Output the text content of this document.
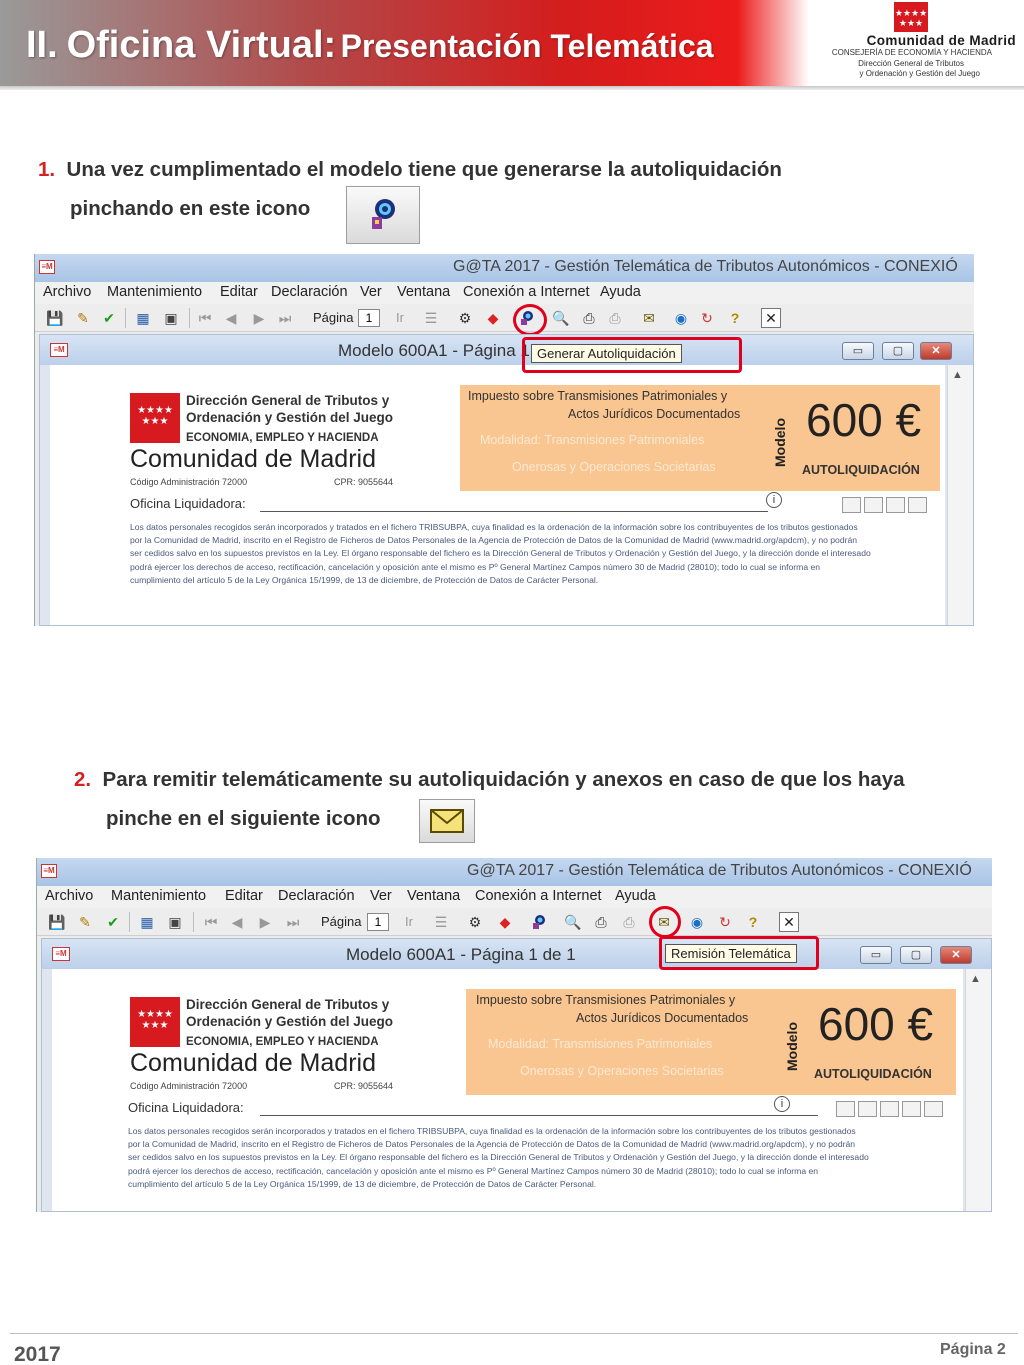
II. Oficina Virtual: Presentación Telemática
★★★★ ★★★
Comunidad de Madrid
CONSEJERÍA DE ECONOMÍA Y HACIENDA
Dirección General de Tributos
y Ordenación y Gestión del Juego
1. Una vez cumplimentado el modelo tiene que generarse la autoliquidación
pinchando en este icono
≡M	G@TA 2017 - Gestión Telemática de Tributos Autonómicos - CONEXIÓ
Archivo Mantenimiento Editar Declaración Ver Ventana Conexión a Internet Ayuda
💾 ✎ ✔ ▦ ▣ ⏮	◀	▶	⏭ Página	1	Ir ☰ ⚙	◆	🔍 ⎙	⎙	✉ ◉ ↻	?	✕
≡M	Modelo 600A1 - Página 1	▭	▢	✕
★★★★ ★★★
Dirección General de Tributos y
Ordenación y Gestión del Juego
ECONOMIA, EMPLEO Y HACIENDA
Comunidad de Madrid
Código Administración 72000	CPR: 9055644
Oficina Liquidadora:
Impuesto sobre Transmisiones Patrimoniales y
Actos Jurídicos Documentados
Modalidad: Transmisiones Patrimoniales
Onerosas y Operaciones Societarias	Modelo 600 €
AUTOLIQUIDACIÓN
i
Los datos personales recogidos serán incorporados y tratados en el fichero TRIBSUBPA, cuya finalidad es la ordenación de la información sobre los contribuyentes de los tributos gestionados
por la Comunidad de Madrid, inscrito en el Registro de Ficheros de Datos Personales de la Agencia de Protección de Datos de la Comunidad de Madrid (www.madrid.org/apdcm), y no podrán
ser cedidos salvo en los supuestos previstos en la Ley. El órgano responsable del fichero es la Dirección General de Tributos y Ordenación y Gestión del Juego, y la dirección donde el interesado
podrá ejercer los derechos de acceso, rectificación, cancelación y oposición ante el mismo es Pº General Martínez Campos número 30 de Madrid (28010); todo lo cual se informa en
cumplimiento del artículo 5 de la Ley Orgánica 15/1999, de 13 de diciembre, de Protección de Datos de Carácter Personal.
▲
Generar Autoliquidación
2. Para remitir telemáticamente su autoliquidación y anexos en caso de que los haya
pinche en el siguiente icono
≡M	G@TA 2017 - Gestión Telemática de Tributos Autonómicos - CONEXIÓ
Archivo Mantenimiento Editar Declaración Ver Ventana Conexión a Internet Ayuda
💾 ✎ ✔ ▦ ▣ ⏮	◀	▶	⏭ Página	1	Ir ☰ ⚙	◆	🔍 ⎙	⎙	✉ ◉ ↻	?	✕
≡M	Modelo 600A1 - Página 1 de 1	▭	▢	✕
★★★★ ★★★
Dirección General de Tributos y
Ordenación y Gestión del Juego
ECONOMIA, EMPLEO Y HACIENDA
Comunidad de Madrid
Código Administración 72000	CPR: 9055644
Oficina Liquidadora:
Impuesto sobre Transmisiones Patrimoniales y
Actos Jurídicos Documentados
Modalidad: Transmisiones Patrimoniales
Onerosas y Operaciones Societarias	Modelo 600 €
AUTOLIQUIDACIÓN
i
Los datos personales recogidos serán incorporados y tratados en el fichero TRIBSUBPA, cuya finalidad es la ordenación de la información sobre los contribuyentes de los tributos gestionados
por la Comunidad de Madrid, inscrito en el Registro de Ficheros de Datos Personales de la Agencia de Protección de Datos de la Comunidad de Madrid (www.madrid.org/apdcm), y no podrán
ser cedidos salvo en los supuestos previstos en la Ley. El órgano responsable del fichero es la Dirección General de Tributos y Ordenación y Gestión del Juego, y la dirección donde el interesado
podrá ejercer los derechos de acceso, rectificación, cancelación y oposición ante el mismo es Pº General Martínez Campos número 30 de Madrid (28010); todo lo cual se informa en
cumplimiento del artículo 5 de la Ley Orgánica 15/1999, de 13 de diciembre, de Protección de Datos de Carácter Personal.
▲
Remisión Telemática
2017	Página 2
